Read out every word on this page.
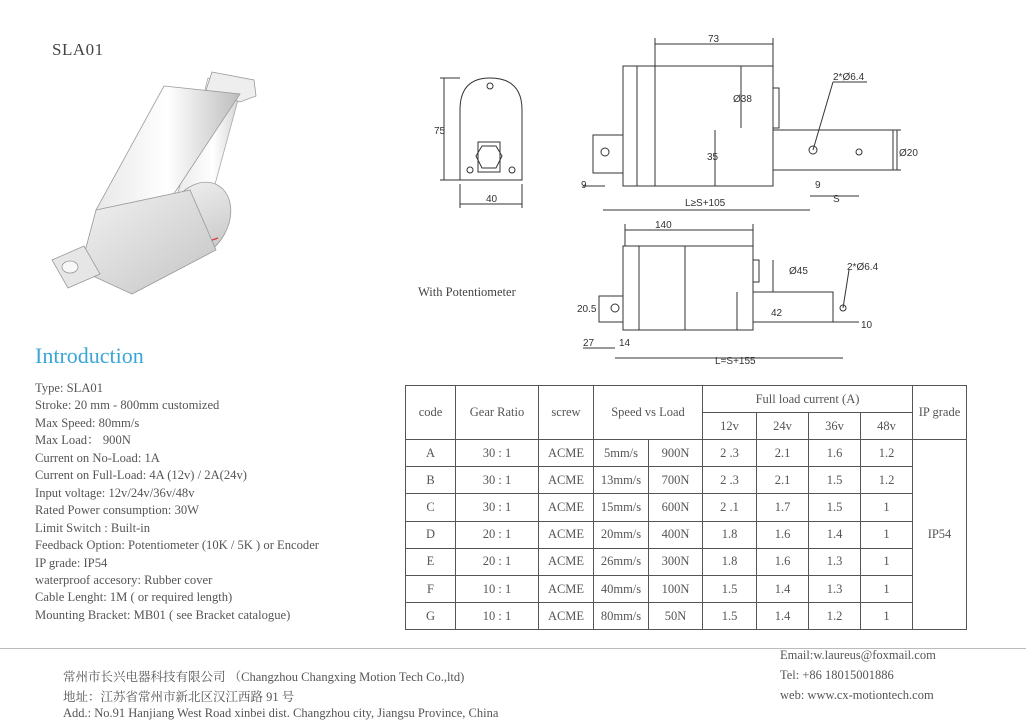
SLA01
75
40
73
Ø38
35
2*Ø6.4
Ø20
9	9
S
L≥S+105
140
Ø45
42
2*Ø6.4
20.5
10
27 14
L=S+155
With Potentiometer
Introduction
Type: SLA01
Stroke: 20 mm - 800mm customized
Max Speed: 80mm/s
Max Load： 900N
Current on No-Load: 1A
Current on Full-Load: 4A (12v) / 2A(24v)
Input voltage: 12v/24v/36v/48v
Rated Power consumption: 30W
Limit Switch : Built-in
Feedback Option: Potentiometer (10K / 5K ) or Encoder
IP grade: IP54
waterproof accesory: Rubber cover
Cable Lenght: 1M ( or required length)
Mounting Bracket: MB01 ( see Bracket catalogue)
code	Gear Ratio	screw	Speed vs Load		Full load current (A)				IP grade
					12v	24v	36v	48v	
A	30 : 1	ACME	5mm/s	900N	2 .3	2.1	1.6	1.2	IP54
B	30 : 1	ACME	13mm/s	700N	2 .3	2.1	1.5	1.2	
C	30 : 1	ACME	15mm/s	600N	2 .1	1.7	1.5	1	
D	20 : 1	ACME	20mm/s	400N	1.8	1.6	1.4	1	
E	20 : 1	ACME	26mm/s	300N	1.8	1.6	1.3	1	
F	10 : 1	ACME	40mm/s	100N	1.5	1.4	1.3	1	
G	10 : 1	ACME	80mm/s	50N	1.5	1.4	1.2	1	
常州市长兴电器科技有限公司 （Changzhou Changxing Motion Tech Co.,ltd)
地址：江苏省常州市新北区汉江西路 91 号
Add.: No.91 Hanjiang West Road xinbei dist. Changzhou city, Jiangsu Province, China
Email:w.laureus@foxmail.com
Tel: +86 18015001886
web: www.cx-motiontech.com
